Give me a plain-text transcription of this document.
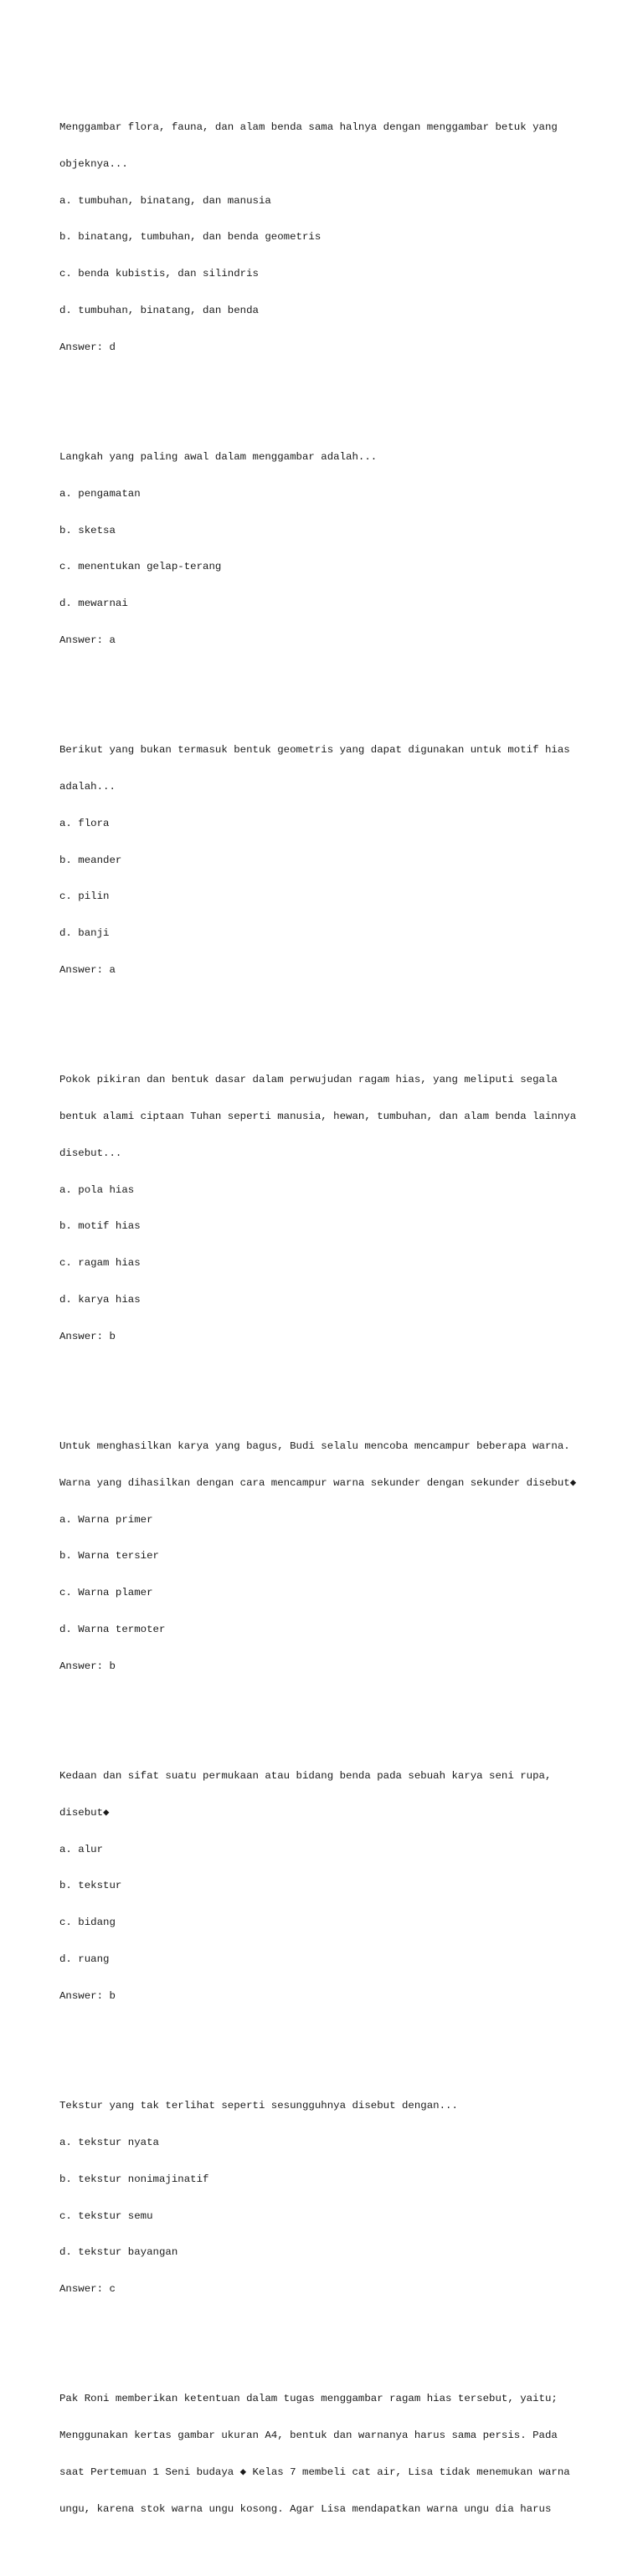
Menggambar flora, fauna, dan alam benda sama halnya dengan menggambar betuk yang

objeknya...

a. tumbuhan, binatang, dan manusia

b. binatang, tumbuhan, dan benda geometris

c. benda kubistis, dan silindris

d. tumbuhan, binatang, dan benda

Answer: d

Langkah yang paling awal dalam menggambar adalah...

a. pengamatan

b. sketsa

c. menentukan gelap-terang

d. mewarnai

Answer: a

Berikut yang bukan termasuk bentuk geometris yang dapat digunakan untuk motif hias

adalah...

a. flora

b. meander

c. pilin

d. banji

Answer: a

Pokok pikiran dan bentuk dasar dalam perwujudan ragam hias, yang meliputi segala

bentuk alami ciptaan Tuhan seperti manusia, hewan, tumbuhan, dan alam benda lainnya

disebut...

a. pola hias

b. motif hias

c. ragam hias

d. karya hias

Answer: b

Untuk menghasilkan karya yang bagus, Budi selalu mencoba mencampur beberapa warna.

Warna yang dihasilkan dengan cara mencampur warna sekunder dengan sekunder disebut◆

a. Warna primer

b. Warna tersier

c. Warna plamer

d. Warna termoter

Answer: b

Kedaan dan sifat suatu permukaan atau bidang benda pada sebuah karya seni rupa,

disebut◆

a. alur

b. tekstur

c. bidang

d. ruang

Answer: b

Tekstur yang tak terlihat seperti sesungguhnya disebut dengan...

a. tekstur nyata

b. tekstur nonimajinatif

c. tekstur semu

d. tekstur bayangan

Answer: c

Pak Roni memberikan ketentuan dalam tugas menggambar ragam hias tersebut, yaitu;

Menggunakan kertas gambar ukuran A4, bentuk dan warnanya harus sama persis. Pada

saat Pertemuan 1 Seni budaya ◆ Kelas 7 membeli cat air, Lisa tidak menemukan warna

ungu, karena stok warna ungu kosong. Agar Lisa mendapatkan warna ungu dia harus
